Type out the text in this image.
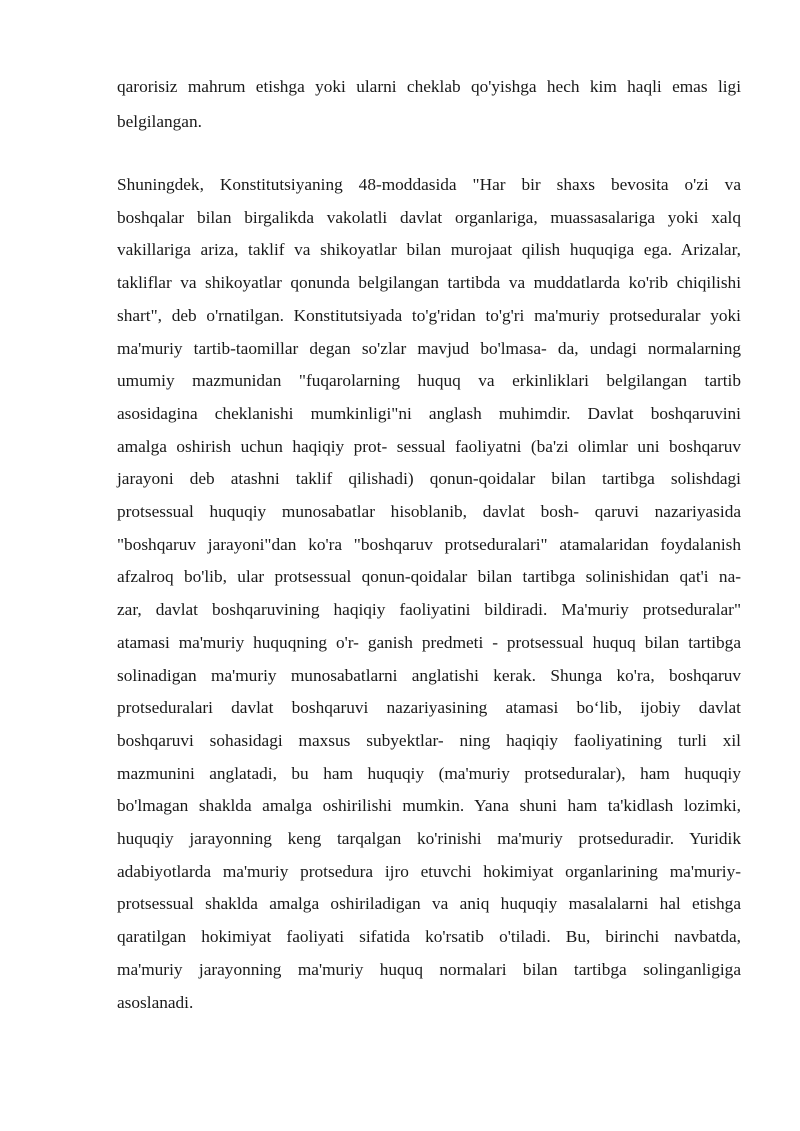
qarorisiz mahrum etishga yoki ularni cheklab qo'yishga hech kim haqli emas ligi
belgilangan.
Shuningdek, Konstitutsiyaning 48-moddasida "Har bir shaxs bevosita o'zi va
boshqalar bilan birgalikda vakolatli davlat organlariga, muassasalariga yoki xalq
vakillariga ariza, taklif va shikoyatlar bilan murojaat qilish huquqiga ega. Arizalar,
takliflar va shikoyatlar qonunda belgilangan tartibda va muddatlarda ko'rib chiqilishi
shart", deb o'rnatilgan. Konstitutsiyada to'g'ridan to'g'ri ma'muriy protseduralar yoki
ma'muriy tartib-taomillar degan so'zlar mavjud bo'lmasa- da, undagi normalarning
umumiy mazmunidan "fuqarolarning huquq va erkinliklari belgilangan tartib
asosidagina cheklanishi mumkinligi"ni anglash muhimdir. Davlat boshqaruvini
amalga oshirish uchun haqiqiy prot- sessual faoliyatni (ba'zi olimlar uni boshqaruv
jarayoni deb atashni taklif qilishadi) qonun-qoidalar bilan tartibga solishdagi
protsessual huquqiy munosabatlar hisoblanib, davlat bosh- qaruvi nazariyasida
"boshqaruv jarayoni"dan ko'ra "boshqaruv protseduralari" atamalaridan foydalanish
afzalroq bo'lib, ular protsessual qonun-qoidalar bilan tartibga solinishidan qat'i na-
zar, davlat boshqaruvining haqiqiy faoliyatini bildiradi. Ma'muriy protseduralar"
atamasi ma'muriy huquqning o'r- ganish predmeti - protsessual huquq bilan tartibga
solinadigan ma'muriy munosabatlarni anglatishi kerak. Shunga ko'ra, boshqaruv
protseduralari davlat boshqaruvi nazariyasining atamasi bo‘lib, ijobiy davlat
boshqaruvi sohasidagi maxsus subyektlar- ning haqiqiy faoliyatining turli xil
mazmunini anglatadi, bu ham huquqiy (ma'muriy protseduralar), ham huquqiy
bo'lmagan shaklda amalga oshirilishi mumkin. Yana shuni ham ta'kidlash lozimki,
huquqiy jarayonning keng tarqalgan ko'rinishi ma'muriy protseduradir. Yuridik
adabiyotlarda ma'muriy protsedura ijro etuvchi hokimiyat organlarining ma'muriy-
protsessual shaklda amalga oshiriladigan va aniq huquqiy masalalarni hal etishga
qaratilgan hokimiyat faoliyati sifatida ko'rsatib o'tiladi. Bu, birinchi navbatda,
ma'muriy jarayonning ma'muriy huquq normalari bilan tartibga solinganligiga
asoslanadi.
